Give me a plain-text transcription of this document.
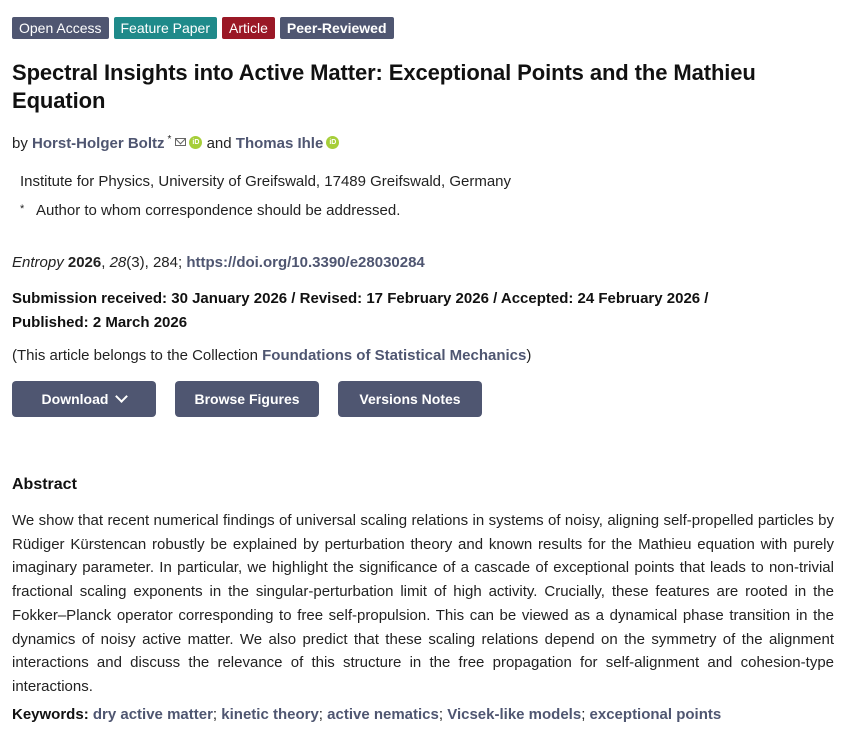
Open Access	Feature Paper	Article	Peer-Reviewed
Spectral Insights into Active Matter: Exceptional Points and the Mathieu Equation
by Horst-Holger Boltz *	iD and Thomas Ihle iD
Institute for Physics, University of Greifswald, 17489 Greifswald, Germany
* Author to whom correspondence should be addressed.
Entropy 2026, 28(3), 284; https://doi.org/10.3390/e28030284
Submission received: 30 January 2026 / Revised: 17 February 2026 / Accepted: 24 February 2026 /
Published: 2 March 2026
(This article belongs to the Collection Foundations of Statistical Mechanics)
Download	Browse Figures	Versions Notes
Abstract
We show that recent numerical findings of universal scaling relations in systems of noisy, aligning self-propelled particles by Rüdiger Kürstencan robustly be explained by perturbation theory and known results for the Mathieu equation with purely imaginary parameter. In particular, we highlight the significance of a cascade of exceptional points that leads to non-trivial fractional scaling exponents in the singular-perturbation limit of high activity. Crucially, these features are rooted in the Fokker–Planck operator corresponding to free self-propulsion. This can be viewed as a dynamical phase transition in the dynamics of noisy active matter. We also predict that these scaling relations depend on the symmetry of the alignment interactions and discuss the relevance of this structure in the free propagation for self-alignment and cohesion-type interactions.
Keywords: dry active matter; kinetic theory; active nematics; Vicsek-like models; exceptional points
